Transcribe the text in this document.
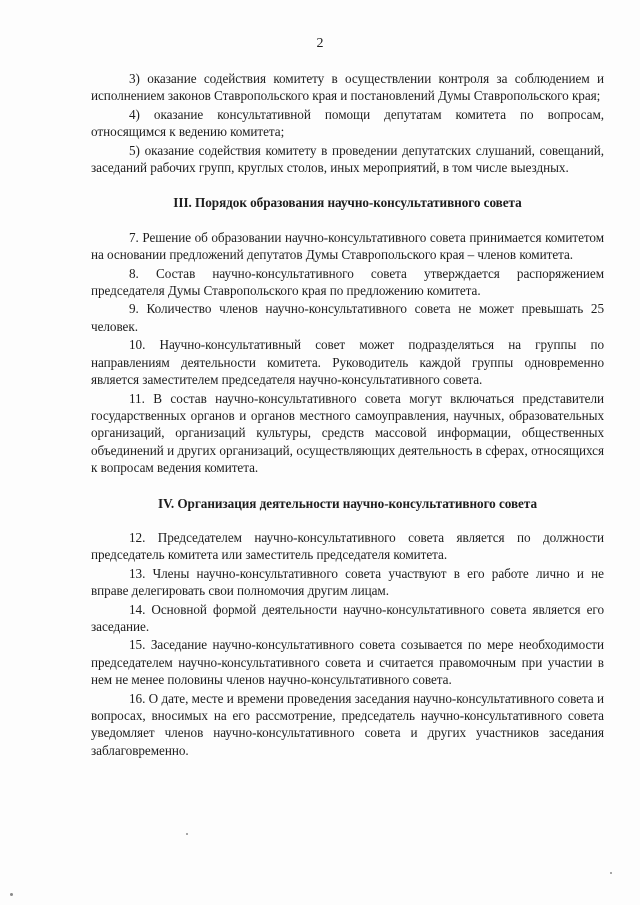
2

3) оказание содействия комитету в осуществлении контроля за соблюдением и исполнением законов Ставропольского края и постановлений Думы Ставропольского края;

4) оказание консультативной помощи депутатам комитета по вопросам, относящимся к ведению комитета;

5) оказание содействия комитету в проведении депутатских слушаний, совещаний, заседаний рабочих групп, круглых столов, иных мероприятий, в том числе выездных.

III. Порядок образования научно-консультативного совета

7. Решение об образовании научно-консультативного совета принимается комитетом на основании предложений депутатов Думы Ставропольского края – членов комитета.

8. Состав научно-консультативного совета утверждается распоряжением председателя Думы Ставропольского края по предложению комитета.

9. Количество членов научно-консультативного совета не может превышать 25 человек.

10. Научно-консультативный совет может подразделяться на группы по направлениям деятельности комитета. Руководитель каждой группы одновременно является заместителем председателя научно-консультативного совета.

11. В состав научно-консультативного совета могут включаться представители государственных органов и органов местного самоуправления, научных, образовательных организаций, организаций культуры, средств массовой информации, общественных объединений и других организаций, осуществляющих деятельность в сферах, относящихся к вопросам ведения комитета.

IV. Организация деятельности научно-консультативного совета

12. Председателем научно-консультативного совета является по должности председатель комитета или заместитель председателя комитета.

13. Члены научно-консультативного совета участвуют в его работе лично и не вправе делегировать свои полномочия другим лицам.

14. Основной формой деятельности научно-консультативного совета является его заседание.

15. Заседание научно-консультативного совета созывается по мере необходимости председателем научно-консультативного совета и считается правомочным при участии в нем не менее половины членов научно-консультативного совета.

16. О дате, месте и времени проведения заседания научно-консультативного совета и вопросах, вносимых на его рассмотрение, председатель научно-консультативного совета уведомляет членов научно-консультативного совета и других участников заседания заблаговременно.
